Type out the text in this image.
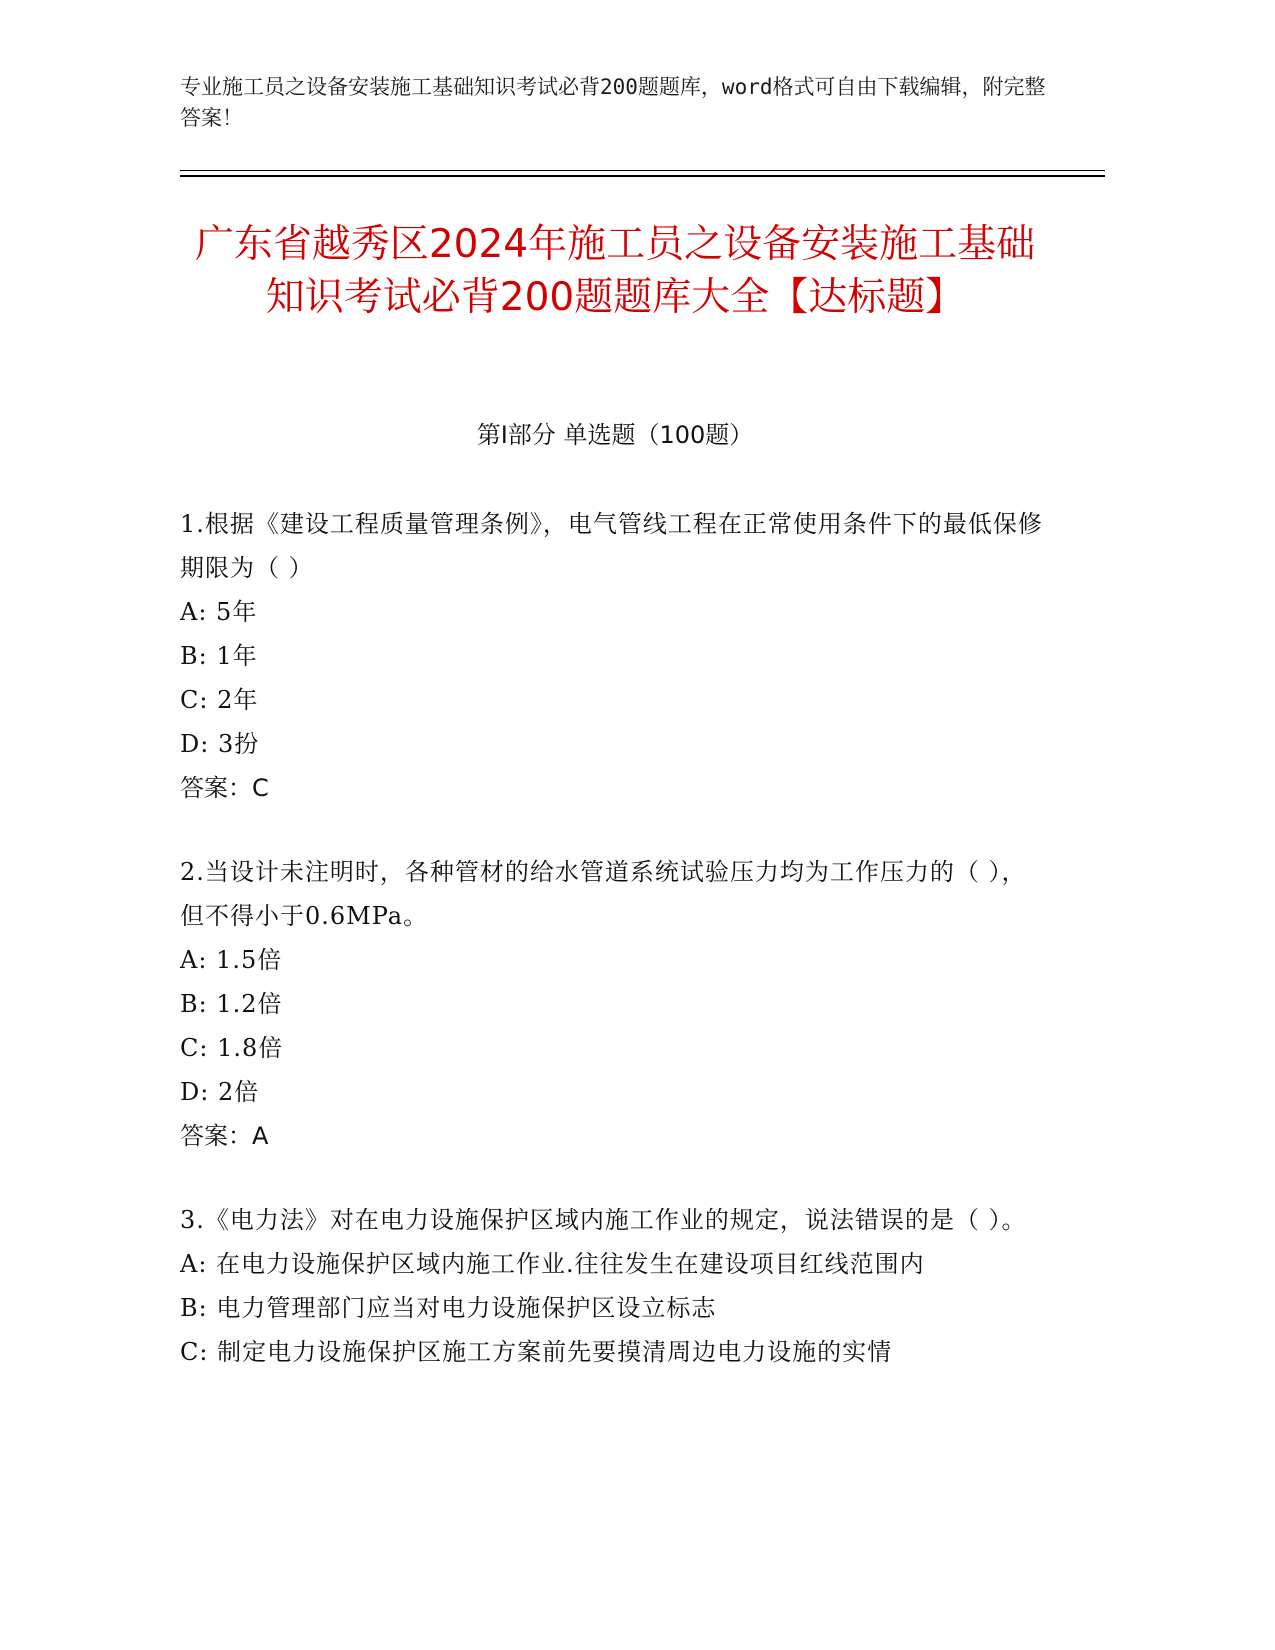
专业施工员之设备安装施工基础知识考试必背200题题库，word格式可自由下载编辑，附完整答案！
广东省越秀区2024年施工员之设备安装施工基础知识考试必背200题题库大全【达标题】
第I部分 单选题（100题）

1.根据《建设工程质量管理条例》，电气管线工程在正常使用条件下的最低保修期限为（ ）

A: 5年

B: 1年

C: 2年

D: 3扮

答案：C

2.当设计未注明时，各种管材的给水管道系统试验压力均为工作压力的（ ），但不得小于0.6MPa。

A: 1.5倍

B: 1.2倍

C: 1.8倍

D: 2倍

答案：A

3.《电力法》对在电力设施保护区域内施工作业的规定，说法错误的是（ ）。

A: 在电力设施保护区域内施工作业.往往发生在建设项目红线范围内

B: 电力管理部门应当对电力设施保护区设立标志

C: 制定电力设施保护区施工方案前先要摸清周边电力设施的实情
